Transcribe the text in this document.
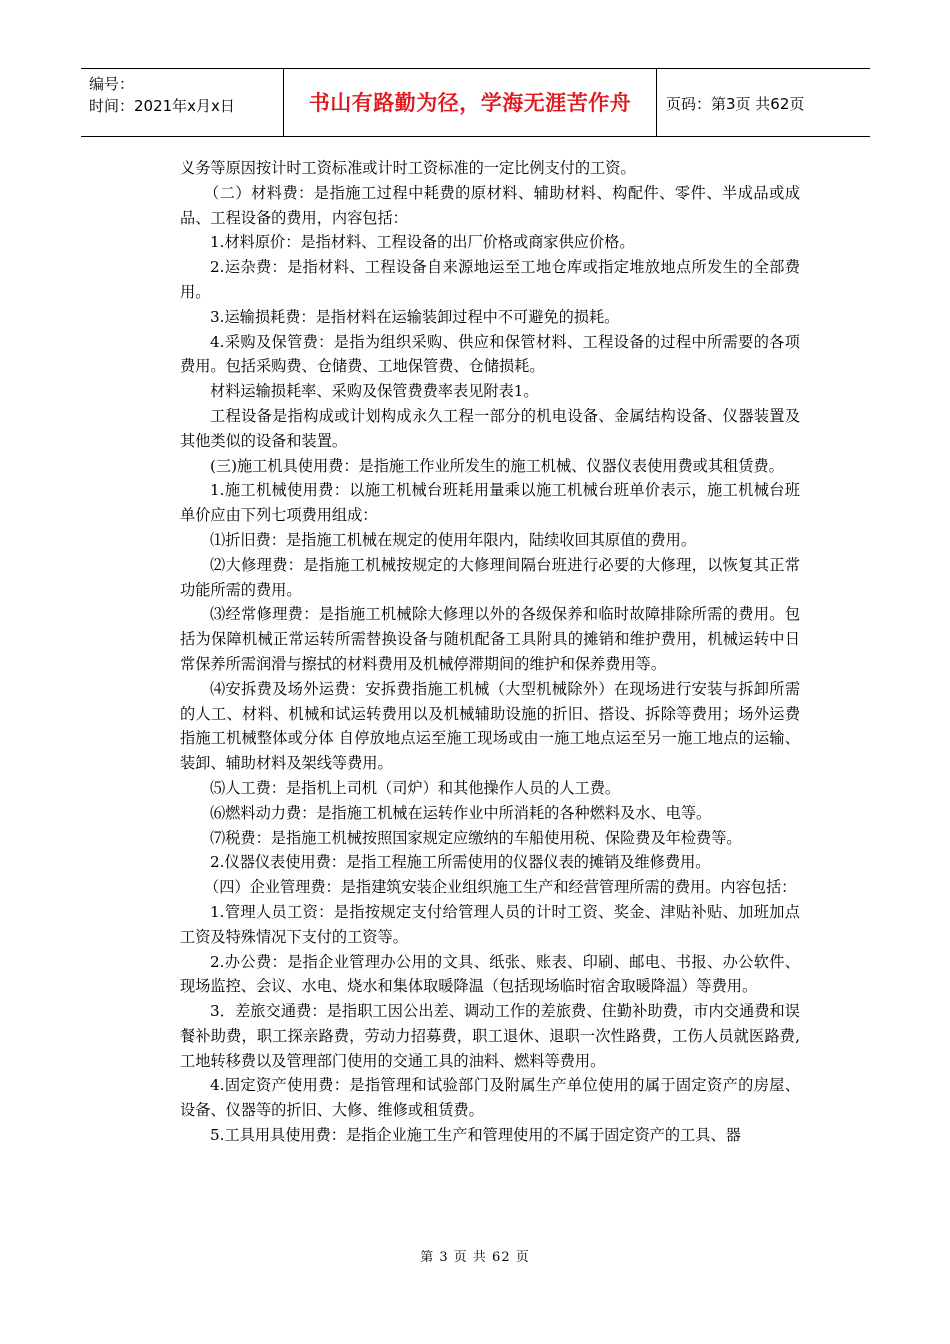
编号：
时间：2021年x月x日	书山有路勤为径，学海无涯苦作舟	页码：第3页 共62页

义务等原因按计时工资标准或计时工资标准的一定比例支付的工资。

（二）材料费：是指施工过程中耗费的原材料、辅助材料、构配件、零件、半成品或成品、工程设备的费用，内容包括：

1.材料原价：是指材料、工程设备的出厂价格或商家供应价格。

2.运杂费：是指材料、工程设备自来源地运至工地仓库或指定堆放地点所发生的全部费用。

3.运输损耗费：是指材料在运输装卸过程中不可避免的损耗。

4.采购及保管费：是指为组织采购、供应和保管材料、工程设备的过程中所需要的各项费用。包括采购费、仓储费、工地保管费、仓储损耗。

材料运输损耗率、采购及保管费费率表见附表1。

工程设备是指构成或计划构成永久工程一部分的机电设备、金属结构设备、仪器装置及其他类似的设备和装置。

(三)施工机具使用费：是指施工作业所发生的施工机械、仪器仪表使用费或其租赁费。

1.施工机械使用费：以施工机械台班耗用量乘以施工机械台班单价表示，施工机械台班单价应由下列七项费用组成：

⑴折旧费：是指施工机械在规定的使用年限内，陆续收回其原值的费用。

⑵大修理费：是指施工机械按规定的大修理间隔台班进行必要的大修理，以恢复其正常功能所需的费用。

⑶经常修理费：是指施工机械除大修理以外的各级保养和临时故障排除所需的费用。包括为保障机械正常运转所需替换设备与随机配备工具附具的摊销和维护费用，机械运转中日常保养所需润滑与擦拭的材料费用及机械停滞期间的维护和保养费用等。

⑷安拆费及场外运费：安拆费指施工机械（大型机械除外）在现场进行安装与拆卸所需的人工、材料、机械和试运转费用以及机械辅助设施的折旧、搭设、拆除等费用；场外运费指施工机械整体或分体 自停放地点运至施工现场或由一施工地点运至另一施工地点的运输、装卸、辅助材料及架线等费用。

⑸人工费：是指机上司机（司炉）和其他操作人员的人工费。

⑹燃料动力费：是指施工机械在运转作业中所消耗的各种燃料及水、电等。

⑺税费：是指施工机械按照国家规定应缴纳的车船使用税、保险费及年检费等。

2.仪器仪表使用费：是指工程施工所需使用的仪器仪表的摊销及维修费用。

（四）企业管理费：是指建筑安装企业组织施工生产和经营管理所需的费用。内容包括：

1.管理人员工资：是指按规定支付给管理人员的计时工资、奖金、津贴补贴、加班加点工资及特殊情况下支付的工资等。

2.办公费：是指企业管理办公用的文具、纸张、账表、印刷、邮电、书报、办公软件、现场监控、会议、水电、烧水和集体取暖降温（包括现场临时宿舍取暖降温）等费用。

3．差旅交通费：是指职工因公出差、调动工作的差旅费、住勤补助费，市内交通费和误餐补助费，职工探亲路费，劳动力招募费，职工退休、退职一次性路费，工伤人员就医路费,工地转移费以及管理部门使用的交通工具的油料、燃料等费用。

4.固定资产使用费：是指管理和试验部门及附属生产单位使用的属于固定资产的房屋、设备、仪器等的折旧、大修、维修或租赁费。

5.工具用具使用费：是指企业施工生产和管理使用的不属于固定资产的工具、器

第 3 页 共 62 页
